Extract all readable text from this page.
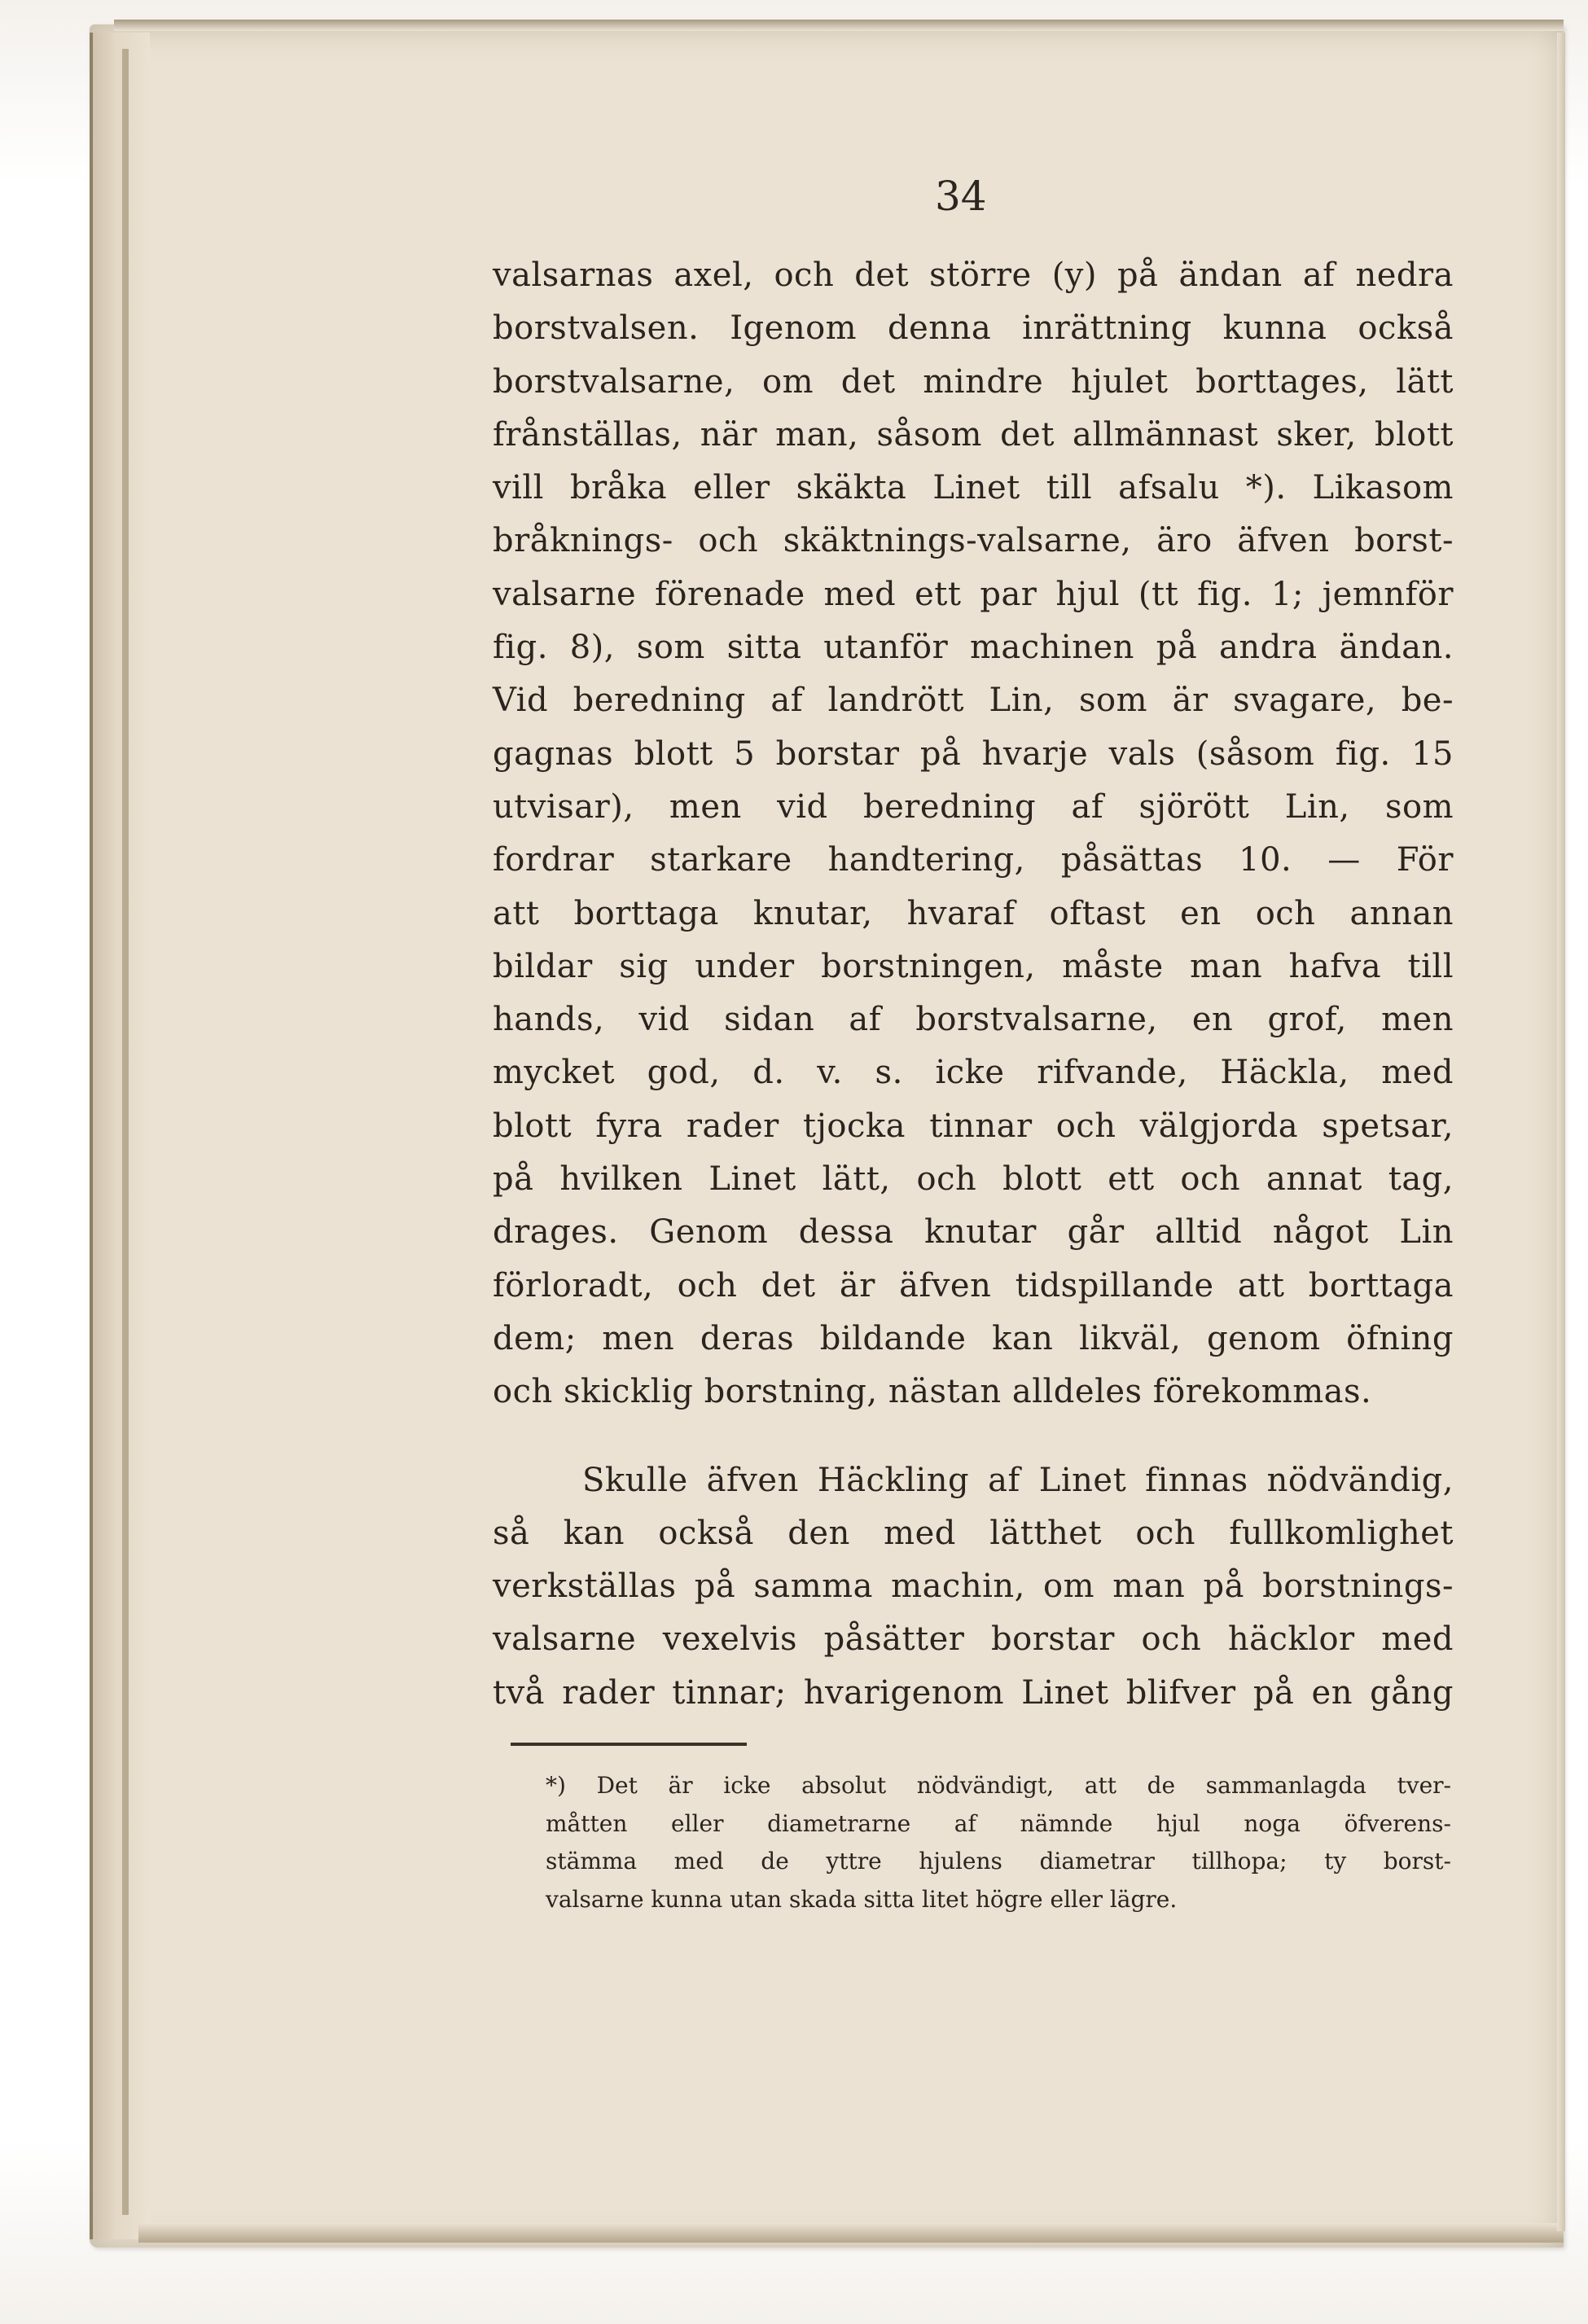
34
valsarnas axel, och det större (y) på ändan af nedra
borstvalsen. Igenom denna inrättning kunna också
borstvalsarne, om det mindre hjulet borttages, lätt
frånställas, när man, såsom det allmännast sker, blott
vill bråka eller skäkta Linet till afsalu *). Likasom
bråknings- och skäktnings-valsarne, äro äfven borst-
valsarne förenade med ett par hjul (tt fig. 1; jemnför
fig. 8), som sitta utanför machinen på andra ändan.
Vid beredning af landrött Lin, som är svagare, be-
gagnas blott 5 borstar på hvarje vals (såsom fig. 15
utvisar), men vid beredning af sjörött Lin, som
fordrar starkare handtering, påsättas 10. — För
att borttaga knutar, hvaraf oftast en och annan
bildar sig under borstningen, måste man hafva till
hands, vid sidan af borstvalsarne, en grof, men
mycket god, d. v. s. icke rifvande, Häckla, med
blott fyra rader tjocka tinnar och välgjorda spetsar,
på hvilken Linet lätt, och blott ett och annat tag,
drages. Genom dessa knutar går alltid något Lin
förloradt, och det är äfven tidspillande att borttaga
dem; men deras bildande kan likväl, genom öfning
och skicklig borstning, nästan alldeles förekommas.
Skulle äfven Häckling af Linet finnas nödvändig,
så kan också den med lätthet och fullkomlighet
verkställas på samma machin, om man på borstnings-
valsarne vexelvis påsätter borstar och häcklor med
två rader tinnar; hvarigenom Linet blifver på en gång
*) Det är icke absolut nödvändigt, att de sammanlagda tver-
måtten eller diametrarne af nämnde hjul noga öfverens-
stämma med de yttre hjulens diametrar tillhopa; ty borst-
valsarne kunna utan skada sitta litet högre eller lägre.
